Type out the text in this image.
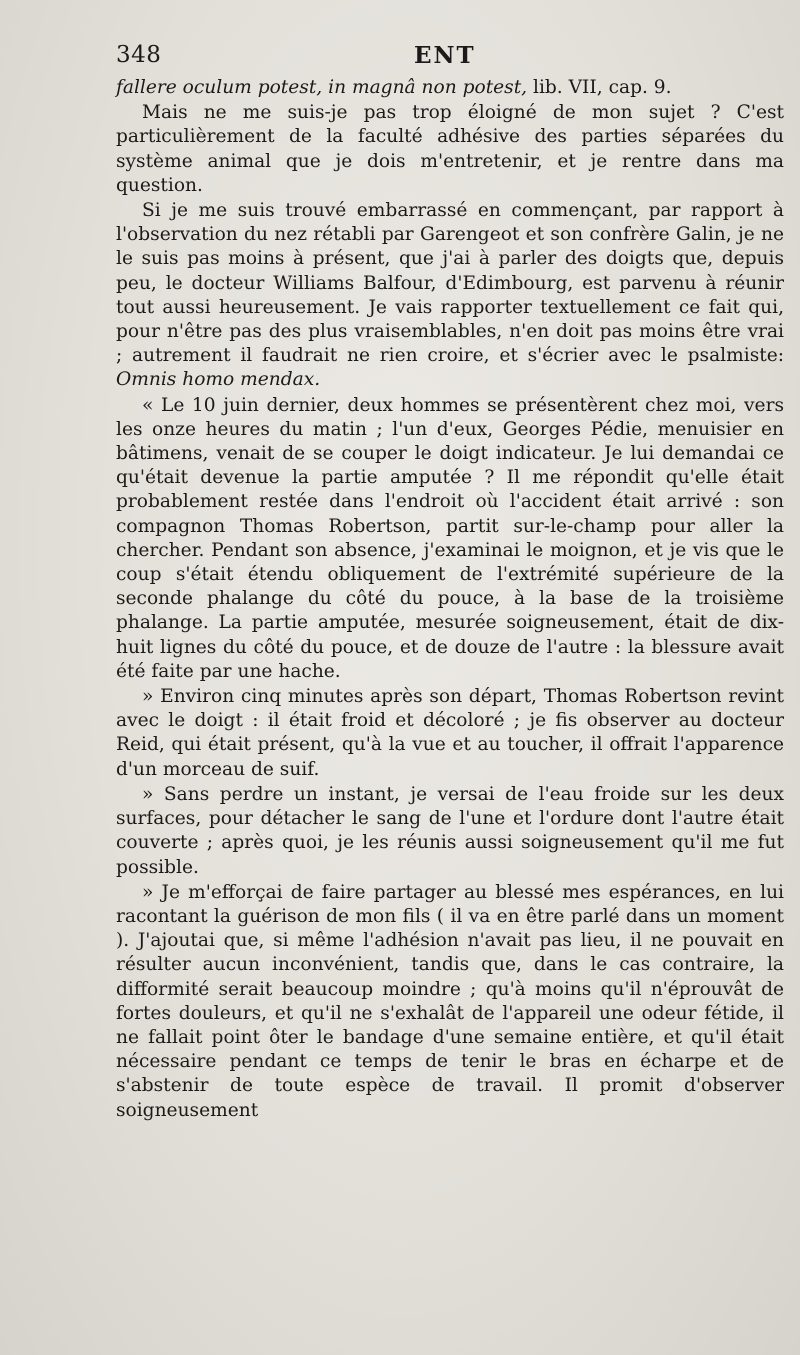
348	ENT

fallere oculum potest, in magnâ non potest, lib. VII, cap. 9.

Mais ne me suis-je pas trop éloigné de mon sujet ? C'est particulièrement de la faculté adhésive des parties séparées du système animal que je dois m'entretenir, et je rentre dans ma question.

Si je me suis trouvé embarrassé en commençant, par rapport à l'observation du nez rétabli par Garengeot et son confrère Galin, je ne le suis pas moins à présent, que j'ai à parler des doigts que, depuis peu, le docteur Williams Balfour, d'Edimbourg, est parvenu à réunir tout aussi heureusement. Je vais rapporter textuellement ce fait qui, pour n'être pas des plus vraisemblables, n'en doit pas moins être vrai ; autrement il faudrait ne rien croire, et s'écrier avec le psalmiste: Omnis homo mendax.

« Le 10 juin dernier, deux hommes se présentèrent chez moi, vers les onze heures du matin ; l'un d'eux, Georges Pédie, menuisier en bâtimens, venait de se couper le doigt indicateur. Je lui demandai ce qu'était devenue la partie amputée ? Il me répondit qu'elle était probablement restée dans l'endroit où l'accident était arrivé : son compagnon Thomas Robertson, partit sur-le-champ pour aller la chercher. Pendant son absence, j'examinai le moignon, et je vis que le coup s'était étendu obliquement de l'extrémité supérieure de la seconde phalange du côté du pouce, à la base de la troisième phalange. La partie amputée, mesurée soigneusement, était de dix-huit lignes du côté du pouce, et de douze de l'autre : la blessure avait été faite par une hache.

» Environ cinq minutes après son départ, Thomas Robertson revint avec le doigt : il était froid et décoloré ; je fis observer au docteur Reid, qui était présent, qu'à la vue et au toucher, il offrait l'apparence d'un morceau de suif.

» Sans perdre un instant, je versai de l'eau froide sur les deux surfaces, pour détacher le sang de l'une et l'ordure dont l'autre était couverte ; après quoi, je les réunis aussi soigneusement qu'il me fut possible.

» Je m'efforçai de faire partager au blessé mes espérances, en lui racontant la guérison de mon fils ( il va en être parlé dans un moment ). J'ajoutai que, si même l'adhésion n'avait pas lieu, il ne pouvait en résulter aucun inconvénient, tandis que, dans le cas contraire, la difformité serait beaucoup moindre ; qu'à moins qu'il n'éprouvât de fortes douleurs, et qu'il ne s'exhalât de l'appareil une odeur fétide, il ne fallait point ôter le bandage d'une semaine entière, et qu'il était nécessaire pendant ce temps de tenir le bras en écharpe et de s'abstenir de toute espèce de travail. Il promit d'observer soigneusement
